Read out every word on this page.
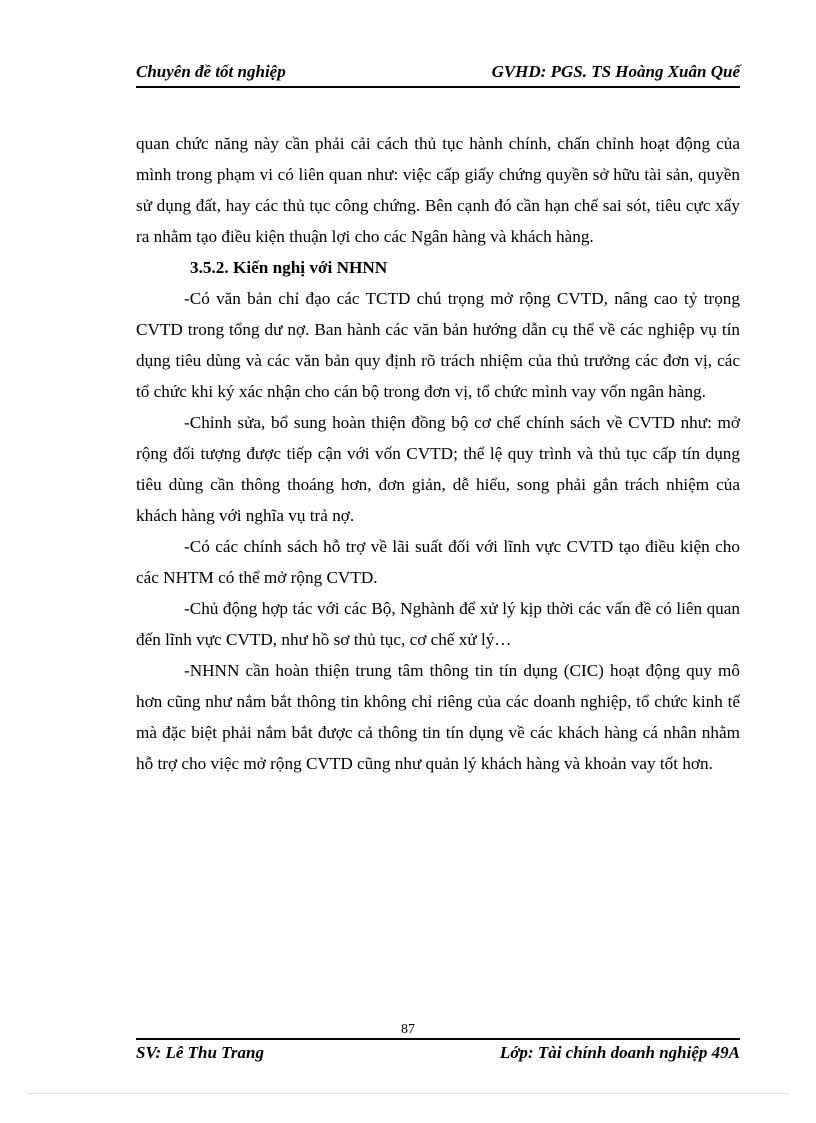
Chuyên đề tốt nghiệp	GVHD: PGS. TS Hoàng Xuân Quế

quan chức năng này cần phải cải cách thủ tục hành chính, chấn chỉnh hoạt động của mình trong phạm vi có liên quan như: việc cấp giấy chứng quyền sở hữu tài sản, quyền sử dụng đất, hay các thủ tục công chứng. Bên cạnh đó cần hạn chế sai sót, tiêu cực xẩy ra nhằm tạo điều kiện thuận lợi cho các Ngân hàng và khách hàng.

3.5.2. Kiến nghị với NHNN

-Có văn bản chỉ đạo các TCTD chú trọng mở rộng CVTD, nâng cao tỷ trọng CVTD trong tổng dư nợ. Ban hành các văn bản hướng dẫn cụ thể về các nghiệp vụ tín dụng tiêu dùng và các văn bản quy định rõ trách nhiệm của thủ trưởng các đơn vị, các tổ chức khi ký xác nhận cho cán bộ trong đơn vị, tổ chức mình vay vốn ngân hàng.

-Chỉnh sửa, bổ sung hoàn thiện đồng bộ cơ chế chính sách về CVTD như: mở rộng đối tượng được tiếp cận với vốn CVTD; thể lệ quy trình và thủ tục cấp tín dụng tiêu dùng cần thông thoáng hơn, đơn giản, dễ hiểu, song phải gắn trách nhiệm của khách hàng với nghĩa vụ trả nợ.

-Có các chính sách hỗ trợ về lãi suất đối với lĩnh vực CVTD tạo điều kiện cho các NHTM có thể mở rộng CVTD.

-Chủ động hợp tác với các Bộ, Nghành để xử lý kịp thời các vấn đề có liên quan đến lĩnh vực CVTD, như hồ sơ thủ tục, cơ chế xử lý…

-NHNN cần hoàn thiện trung tâm thông tin tín dụng (CIC) hoạt động quy mô hơn cũng như nắm bắt thông tin không chỉ riêng của các doanh nghiệp, tổ chức kinh tế mà đặc biệt phải nắm bắt được cả thông tin tín dụng về các khách hàng cá nhân nhằm hỗ trợ cho việc mở rộng CVTD cũng như quản lý khách hàng và khoản vay tốt hơn.

87
SV: Lê Thu Trang	Lớp: Tài chính doanh nghiệp 49A
